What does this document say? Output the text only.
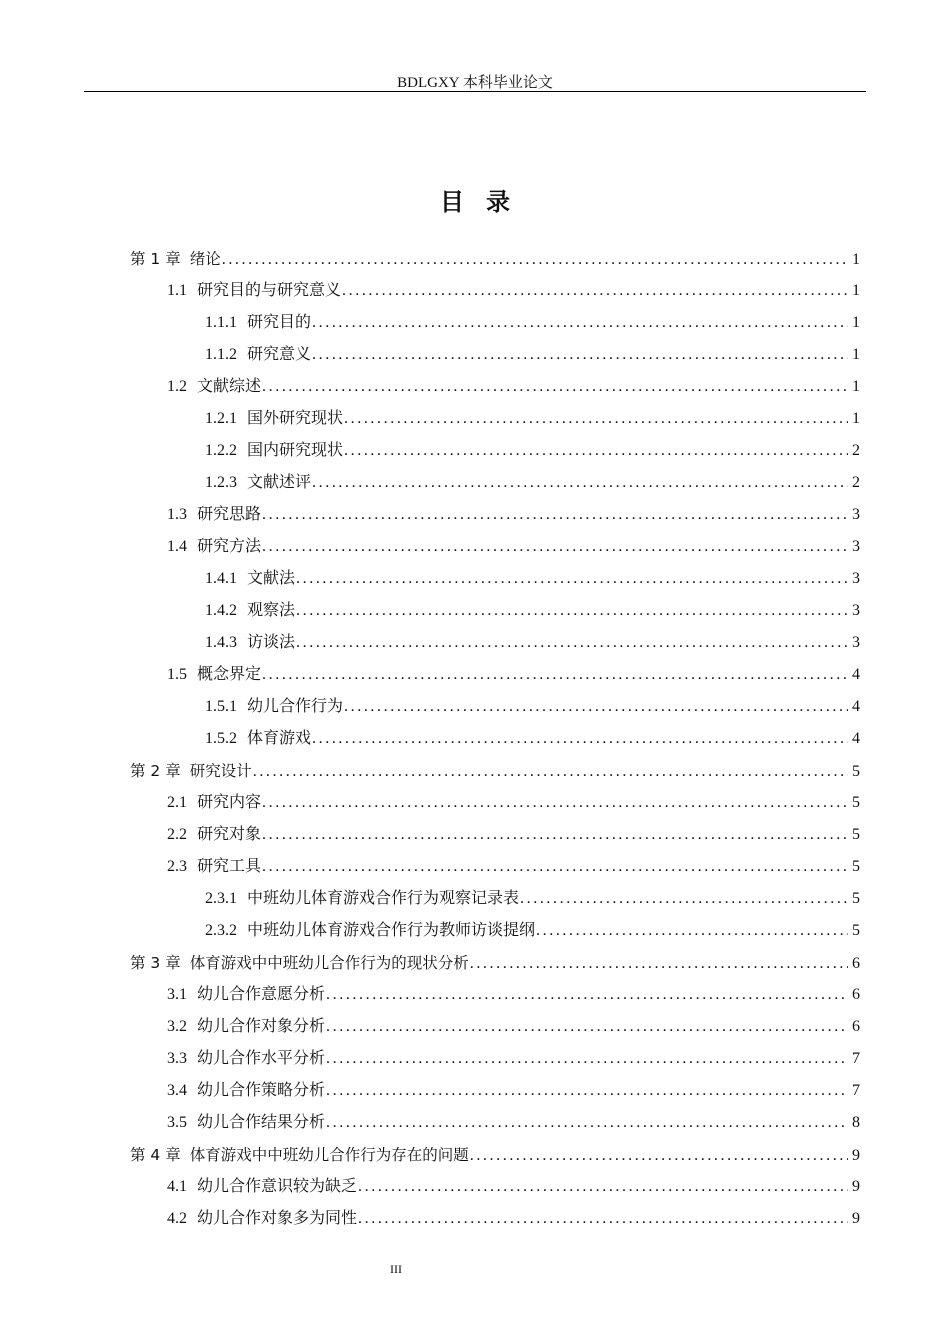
BDLGXY 本科毕业论文
目录
第 1 章 绪论 .....	1
1.1 研究目的与研究意义 .....	1
1.1.1 研究目的 .....	1
1.1.2 研究意义 .....	1
1.2 文献综述 .....	1
1.2.1 国外研究现状 .....	1
1.2.2 国内研究现状 .....	2
1.2.3 文献述评 .....	2
1.3 研究思路 .....	3
1.4 研究方法 .....	3
1.4.1 文献法 .....	3
1.4.2 观察法 .....	3
1.4.3 访谈法 .....	3
1.5 概念界定 .....	4
1.5.1 幼儿合作行为 .....	4
1.5.2 体育游戏 .....	4
第 2 章 研究设计 .....	5
2.1 研究内容 .....	5
2.2 研究对象 .....	5
2.3 研究工具 .....	5
2.3.1 中班幼儿体育游戏合作行为观察记录表 .....	5
2.3.2 中班幼儿体育游戏合作行为教师访谈提纲 .....	5
第 3 章 体育游戏中中班幼儿合作行为的现状分析 .....	6
3.1 幼儿合作意愿分析 .....	6
3.2 幼儿合作对象分析 .....	6
3.3 幼儿合作水平分析 .....	7
3.4 幼儿合作策略分析 .....	7
3.5 幼儿合作结果分析 .....	8
第 4 章 体育游戏中中班幼儿合作行为存在的问题 .....	9
4.1 幼儿合作意识较为缺乏 .....	9
4.2 幼儿合作对象多为同性 .....	9
III
